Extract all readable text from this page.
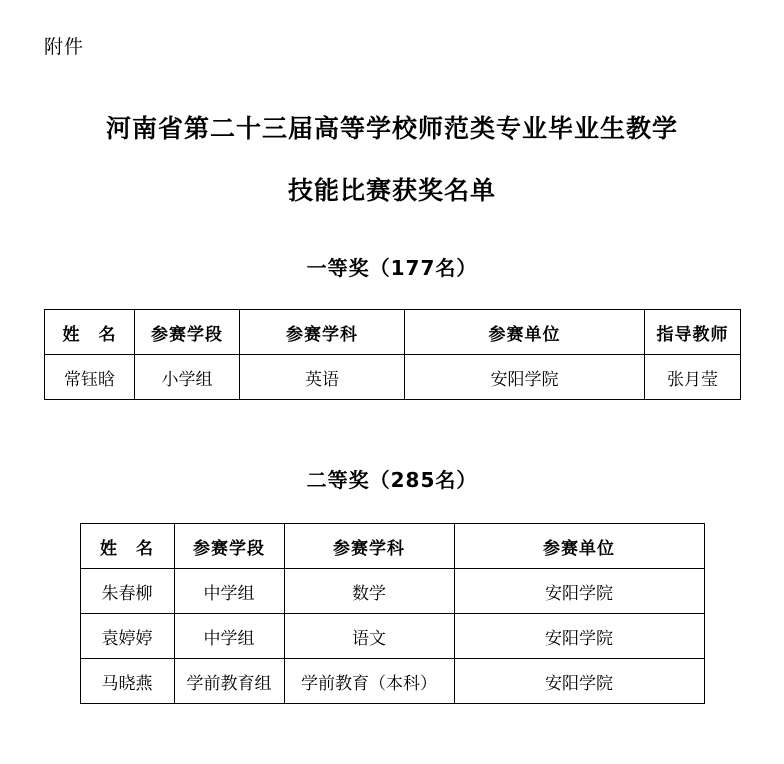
附件
河南省第二十三届高等学校师范类专业毕业生教学
技能比赛获奖名单
一等奖（177名）
姓　名	参赛学段	参赛学科	参赛单位	指导教师
常钰晗	小学组	英语	安阳学院	张月莹
二等奖（285名）
姓　名	参赛学段	参赛学科	参赛单位
朱春柳	中学组	数学	安阳学院
袁婷婷	中学组	语文	安阳学院
马晓燕	学前教育组	学前教育（本科）	安阳学院
